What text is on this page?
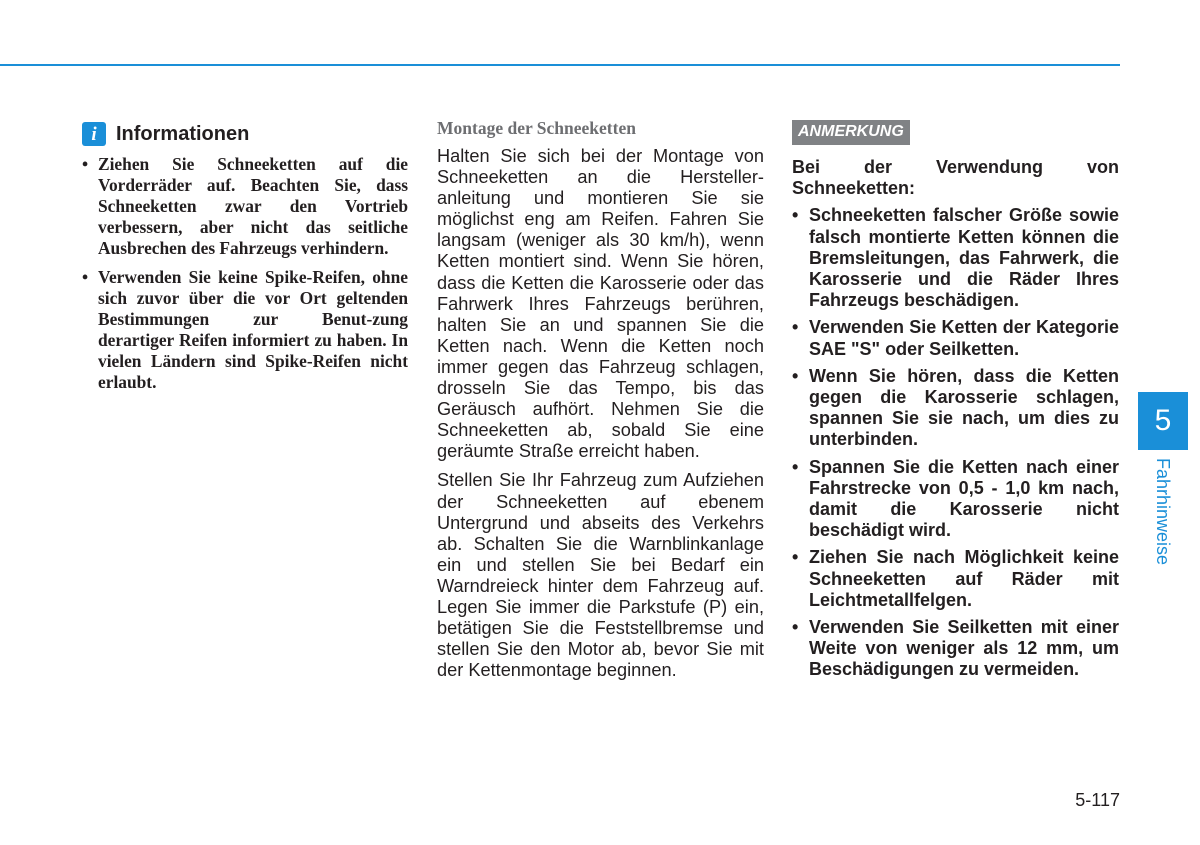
i Informationen
• Ziehen Sie Schneeketten auf die Vorderräder auf. Beachten Sie, dass Schneeketten zwar den Vortrieb verbessern, aber nicht das seitliche Ausbrechen des Fahrzeugs verhindern.
• Verwenden Sie keine Spike-Reifen, ohne sich zuvor über die vor Ort geltenden Bestimmungen zur Benut-zung derartiger Reifen informiert zu haben. In vielen Ländern sind Spike-Reifen nicht erlaubt.
Montage der Schneeketten

Halten Sie sich bei der Montage von Schneeketten an die Hersteller-anleitung und montieren Sie sie möglichst eng am Reifen. Fahren Sie langsam (weniger als 30 km/h), wenn Ketten montiert sind. Wenn Sie hören, dass die Ketten die Karosserie oder das Fahrwerk Ihres Fahrzeugs berühren, halten Sie an und spannen Sie die Ketten nach. Wenn die Ketten noch immer gegen das Fahrzeug schlagen, drosseln Sie das Tempo, bis das Geräusch aufhört. Nehmen Sie die Schneeketten ab, sobald Sie eine geräumte Straße erreicht haben.

Stellen Sie Ihr Fahrzeug zum Aufziehen der Schneeketten auf ebenem Untergrund und abseits des Verkehrs ab. Schalten Sie die Warnblinkanlage ein und stellen Sie bei Bedarf ein Warndreieck hinter dem Fahrzeug auf. Legen Sie immer die Parkstufe (P) ein, betätigen Sie die Feststellbremse und stellen Sie den Motor ab, bevor Sie mit der Kettenmontage beginnen.

ANMERKUNG

Bei der Verwendung von Schneeketten:

• Schneeketten falscher Größe sowie falsch montierte Ketten können die Bremsleitungen, das Fahrwerk, die Karosserie und die Räder Ihres Fahrzeugs beschädigen.
• Verwenden Sie Ketten der Kategorie SAE "S" oder Seilketten.
• Wenn Sie hören, dass die Ketten gegen die Karosserie schlagen, spannen Sie sie nach, um dies zu unterbinden.
• Spannen Sie die Ketten nach einer Fahrstrecke von 0,5 - 1,0 km nach, damit die Karosserie nicht beschädigt wird.
• Ziehen Sie nach Möglichkeit keine Schneeketten auf Räder mit Leichtmetallfelgen.
• Verwenden Sie Seilketten mit einer Weite von weniger als 12 mm, um Beschädigungen zu vermeiden.
5
Fahrhinweise
5-117
